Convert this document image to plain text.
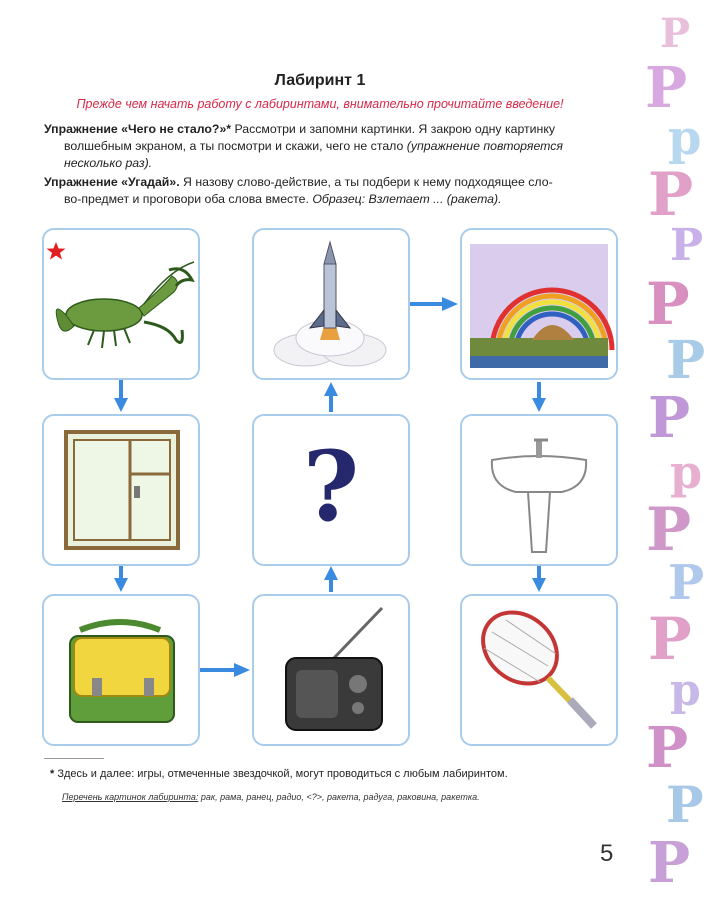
Лабиринт 1
Прежде чем начать работу с лабиринтами, внимательно прочитайте введение!
Упражнение «Чего не стало?»* Рассмотри и запомни картинки. Я закрою одну картинку
волшебным экраном, а ты посмотри и скажи, чего не стало (упражнение повторяется
несколько раз).
Упражнение «Угадай». Я назову слово-действие, а ты подбери к нему подходящее сло-
во-предмет и проговори оба слова вместе. Образец: Взлетает ... (ракета).
?
* Здесь и далее: игры, отмеченные звездочкой, могут проводиться с любым лабиринтом.
Перечень картинок лабиринта: рак, рама, ранец, радио, <?>, ракета, радуга, раковина, ракетка.
5
Р
Р
р
Р
Р
Р
Р
Р
р
Р
Р
Р
р
Р
Р
Р
